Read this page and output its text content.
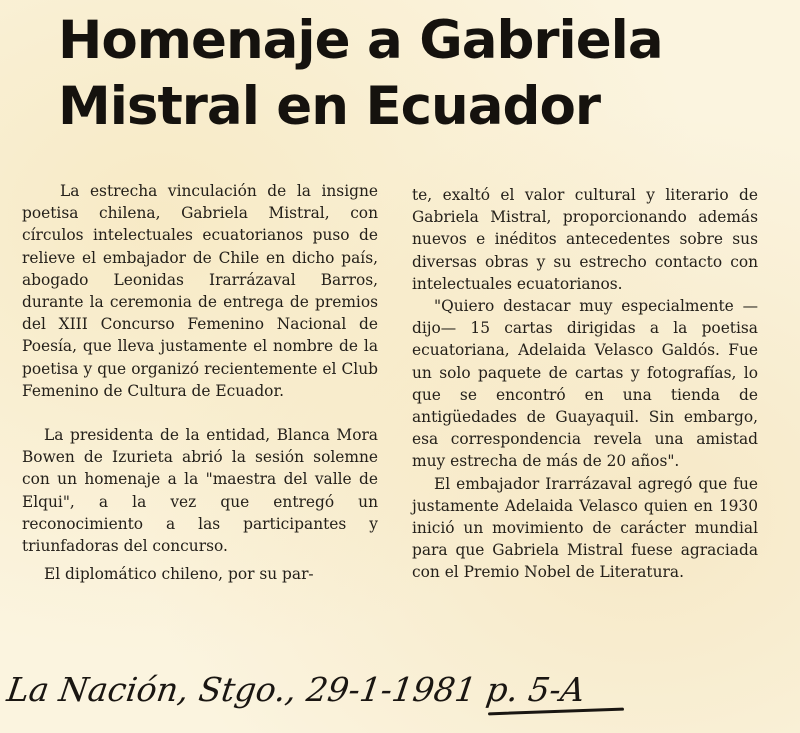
Homenaje a Gabriela
Mistral en Ecuador

La estrecha vinculación de la insigne poetisa chilena, Gabriela Mistral, con círculos intelectuales ecuatorianos puso de relieve el embajador de Chile en dicho país, abogado Leonidas Irarrázaval Barros, durante la ceremonia de entrega de premios del XIII Concurso Femenino Nacional de Poesía, que lleva justamente el nombre de la poetisa y que organizó recientemente el Club Femenino de Cultura de Ecuador.

La presidenta de la entidad, Blanca Mora Bowen de Izurieta abrió la sesión solemne con un homenaje a la "maestra del valle de Elqui", a la vez que entregó un reconocimiento a las participantes y triunfadoras del concurso.

El diplomático chileno, por su par-

te, exaltó el valor cultural y literario de Gabriela Mistral, proporcionando además nuevos e inéditos antecedentes sobre sus diversas obras y su estrecho contacto con intelectuales ecuatorianos.

"Quiero destacar muy especialmente —dijo— 15 cartas dirigidas a la poetisa ecuatoriana, Adelaida Velasco Galdós. Fue un solo paquete de cartas y fotografías, lo que se encontró en una tienda de antigüedades de Guayaquil. Sin embargo, esa correspondencia revela una amistad muy estrecha de más de 20 años".

El embajador Irarrázaval agregó que fue justamente Adelaida Velasco quien en 1930 inició un movimiento de carácter mundial para que Gabriela Mistral fuese agraciada con el Premio Nobel de Literatura.

La Nación, Stgo., 29-1-1981 p. 5-A
